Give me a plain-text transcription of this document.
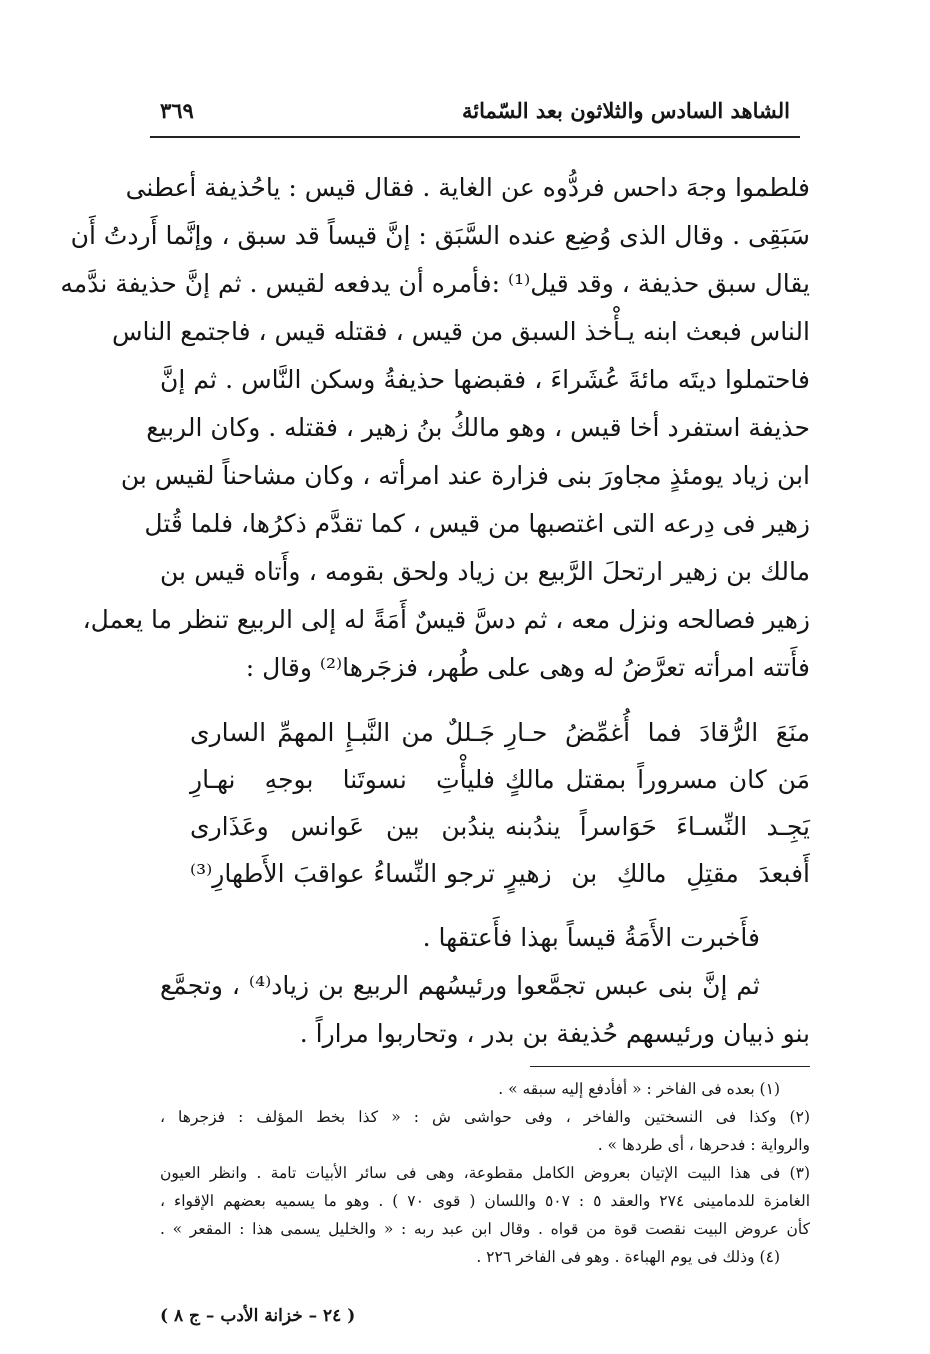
الشاهد السادس والثلاثون بعد السّمائة
٣٦٩
فلطموا وجهَ داحس فردُّوه عن الغاية . فقال قيس : ياحُذيفة أعطنى
سَبَقِى . وقال الذى وُضِع عنده السَّبَق : إنَّ قيساً قد سبق ، وإنَّما أَردتُ أَن
يقال سبق حذيفة ، وقد قيل⁽¹⁾ :فأمره أن يدفعه لقيس . ثم إنَّ حذيفة ندَّمه
الناس فبعث ابنه يـأْخذ السبق من قيس ، فقتله قيس ، فاجتمع الناس
فاحتملوا ديتَه مائةَ عُشَراءَ ، فقبضها حذيفةُ وسكن النَّاس . ثم إنَّ
حذيفة استفرد أخا قيس ، وهو مالكُ بنُ زهير ، فقتله . وكان الربيع
ابن زياد يومئذٍ مجاورَ بنى فزارة عند امرأته ، وكان مشاحناً لقيس بن
زهير فى دِرعه التى اغتصبها من قيس ، كما تقدَّم ذكرُها، فلما قُتل
مالك بن زهير ارتحلَ الرَّبيع بن زياد ولحق بقومه ، وأَتاه قيس بن
زهير فصالحه ونزل معه ، ثم دسَّ قيسٌ أَمَةً له إلى الربيع تنظر ما يعمل،
فأَتته امرأته تعرَّضُ له وهى على طُهر، فزجَرها⁽²⁾ وقال :
منَعَ الرُّقادَ فما أُغمِّضُ حـارِ
جَـللٌ من النَّبـإِ المهمِّ السارى
مَن كان مسروراً بمقتل مالكٍ
فليأْتِ نسوتَنا بوجهِ نهـارِ
يَجِـد النِّسـاءَ حَوَاسراً يندُبنه
يندُبن بين عَوانس وعَذَارى
أَفبعدَ مقتِلِ مالكِ بن زهيرٍ
ترجو النِّساءُ عواقبَ الأَطهارِ⁽³⁾
فأَخبرت الأَمَةُ قيساً بهذا فأَعتقها .
ثم إنَّ بنى عبس تجمَّعوا ورئيسُهم الربيع بن زياد⁽⁴⁾ ، وتجمَّع
بنو ذبيان ورئيسهم حُذيفة بن بدر ، وتحاربوا مراراً .
(١) بعده فى الفاخر : « أفأدفع إليه سبقه » .
(٢) وكذا فى النسختين والفاخر ، وفى حواشى ش : « كذا بخط المؤلف : فزجرها ،
والرواية : فدحرها ، أى طردها » .
(٣) فى هذا البيت الإتيان بعروض الكامل مقطوعة، وهى فى سائر الأبيات تامة . وانظر العيون
الغامزة للدمامينى ٢٧٤ والعقد ٥ : ٥٠٧ واللسان ( قوى ٧٠ ) . وهو ما يسميه بعضهم الإقواء ،
كأن عروض البيت نقصت قوة من قواه . وقال ابن عبد ربه : « والخليل يسمى هذا : المقعر » .
(٤) وذلك فى يوم الهباءة . وهو فى الفاخر ٢٢٦ .
( ٢٤ – خزانة الأدب – ج ٨ )
